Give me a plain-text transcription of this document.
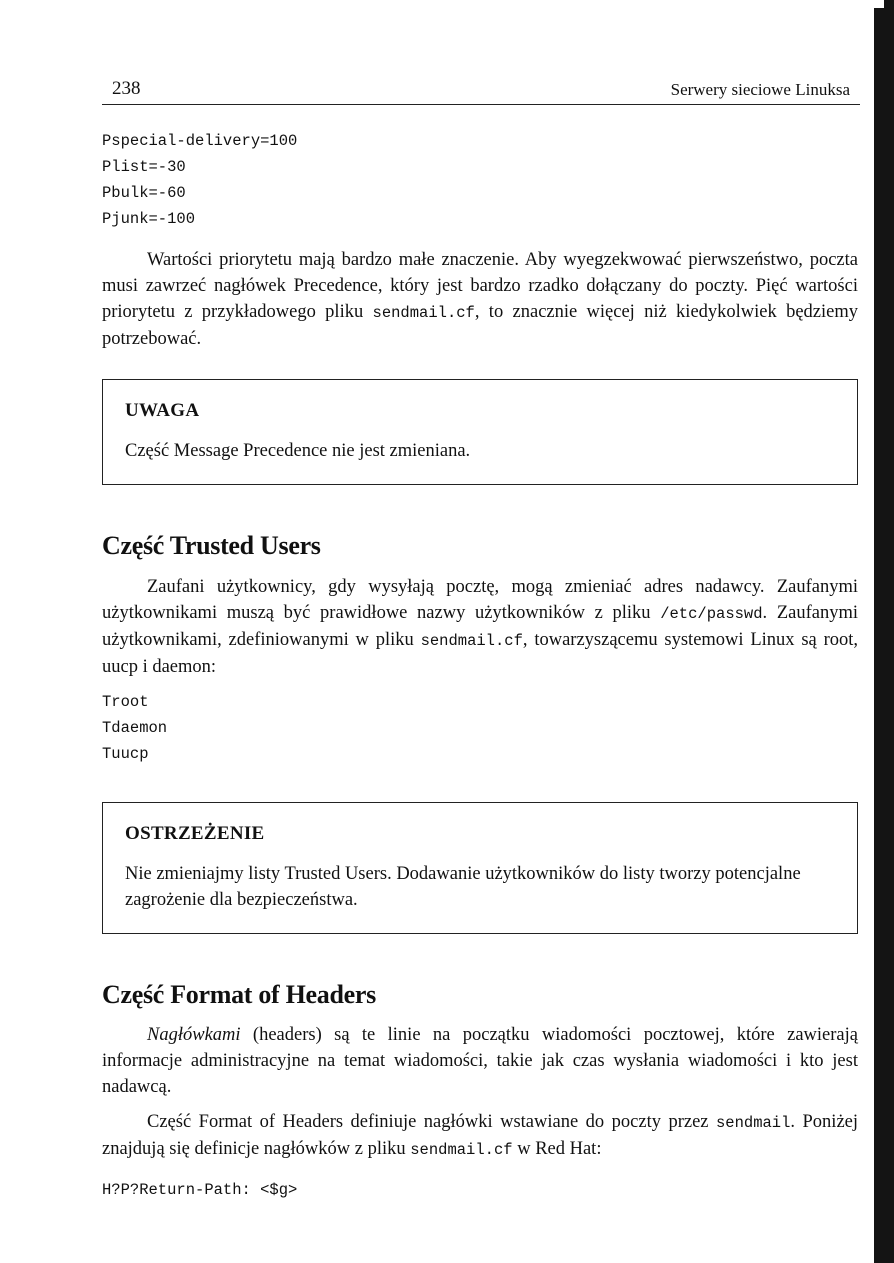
238	Serwery sieciowe Linuksa
Pspecial-delivery=100
Plist=-30
Pbulk=-60
Pjunk=-100

Wartości priorytetu mają bardzo małe znaczenie. Aby wyegzekwować pierwszeństwo, poczta musi zawrzeć nagłówek Precedence, który jest bardzo rzadko dołączany do poczty. Pięć wartości priorytetu z przykładowego pliku sendmail.cf, to znacznie więcej niż kiedykolwiek będziemy potrzebować.

UWAGA
Część Message Precedence nie jest zmieniana.
Część Trusted Users

Zaufani użytkownicy, gdy wysyłają pocztę, mogą zmieniać adres nadawcy. Zaufanymi użytkownikami muszą być prawidłowe nazwy użytkowników z pliku /etc/passwd. Zaufanymi użytkownikami, zdefiniowanymi w pliku sendmail.cf, towarzyszącemu systemowi Linux są root, uucp i daemon:

Troot
Tdaemon
Tuucp
OSTRZEŻENIE
Nie zmieniajmy listy Trusted Users. Dodawanie użytkowników do listy tworzy potencjalne zagrożenie dla bezpieczeństwa.
Część Format of Headers

Nagłówkami (headers) są te linie na początku wiadomości pocztowej, które zawierają informacje administracyjne na temat wiadomości, takie jak czas wysłania wiadomości i kto jest nadawcą.

Część Format of Headers definiuje nagłówki wstawiane do poczty przez sendmail. Poniżej znajdują się definicje nagłówków z pliku sendmail.cf w Red Hat:

H?P?Return-Path: <$g>
